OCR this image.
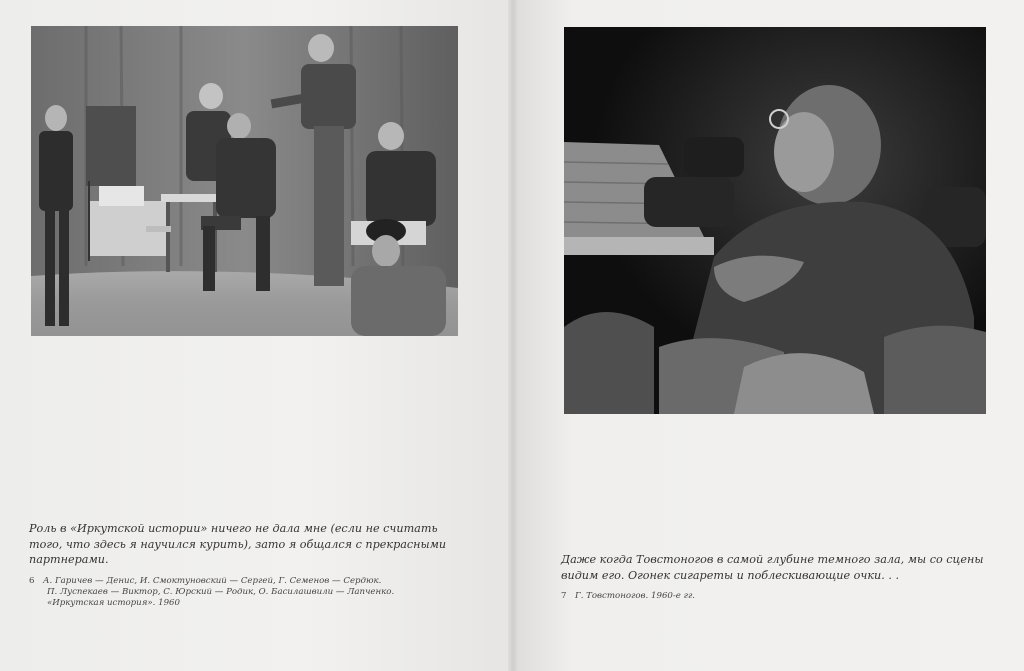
Роль в «Иркутской истории» ничего не дала мне (если не считать
того, что здесь я научился курить), зато я общался с прекрасными
партнерами.
6 А. Гаричев — Денис, И. Смоктуновский — Сергей, Г. Семенов — Сердюк.
П. Луспекаев — Виктор, С. Юрский — Родик, О. Басилашвили — Лапченко.
«Иркутская история». 1960
Даже когда Товстоногов в самой глубине темного зала, мы со сцены
видим его. Огонек сигареты и поблескивающие очки. . .
7 Г. Товстоногов. 1960-е гг.
